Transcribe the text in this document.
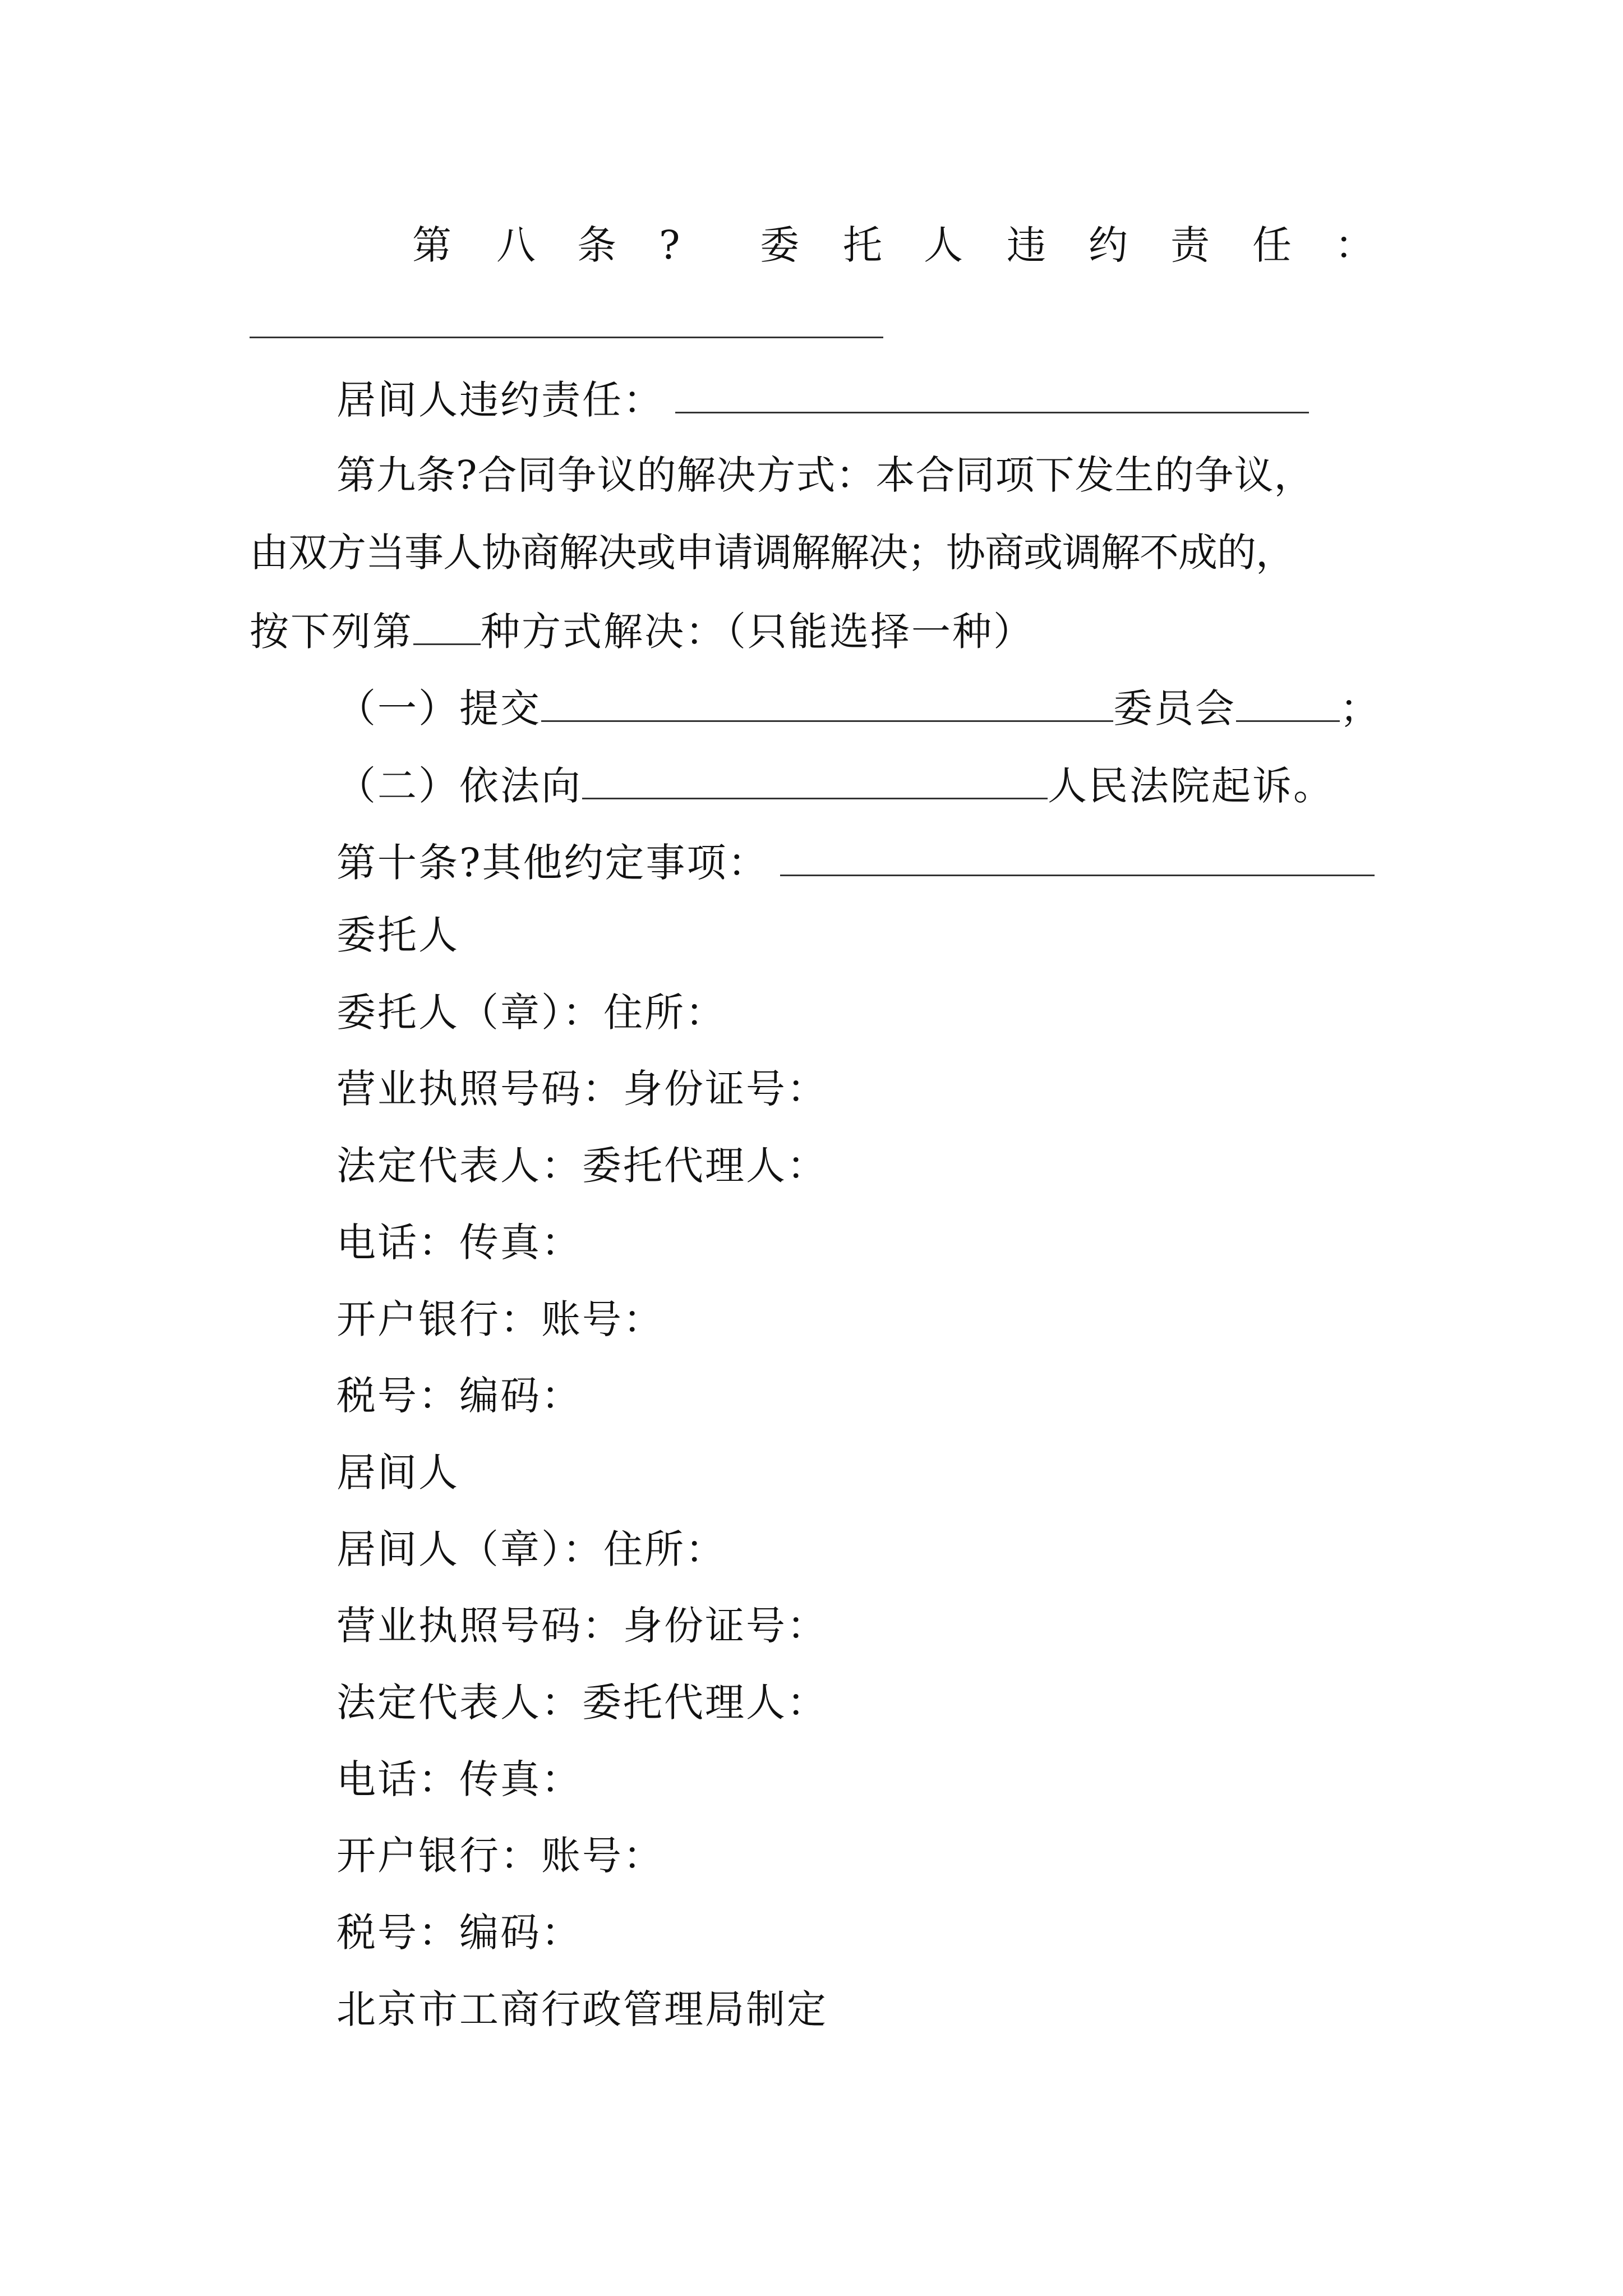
第 八 条 ? 委 托 人 违 约 责 任 ：
居间人违约责任：
第九条?合同争议的解决方式：本合同项下发生的争议，
由双方当事人协商解决或申请调解解决；协商或调解不成的，
按下列第 种方式解决：（只能选择一种）
（一）提交	委员会	；
（二）依法向	人民法院起诉。
第十条?其他约定事项：
委托人
委托人（章）：住所：
营业执照号码：身份证号：
法定代表人：委托代理人：
电话：传真：
开户银行：账号：
税号：编码：
居间人
居间人（章）：住所：
营业执照号码：身份证号：
法定代表人：委托代理人：
电话：传真：
开户银行：账号：
税号：编码：
北京市工商行政管理局制定
